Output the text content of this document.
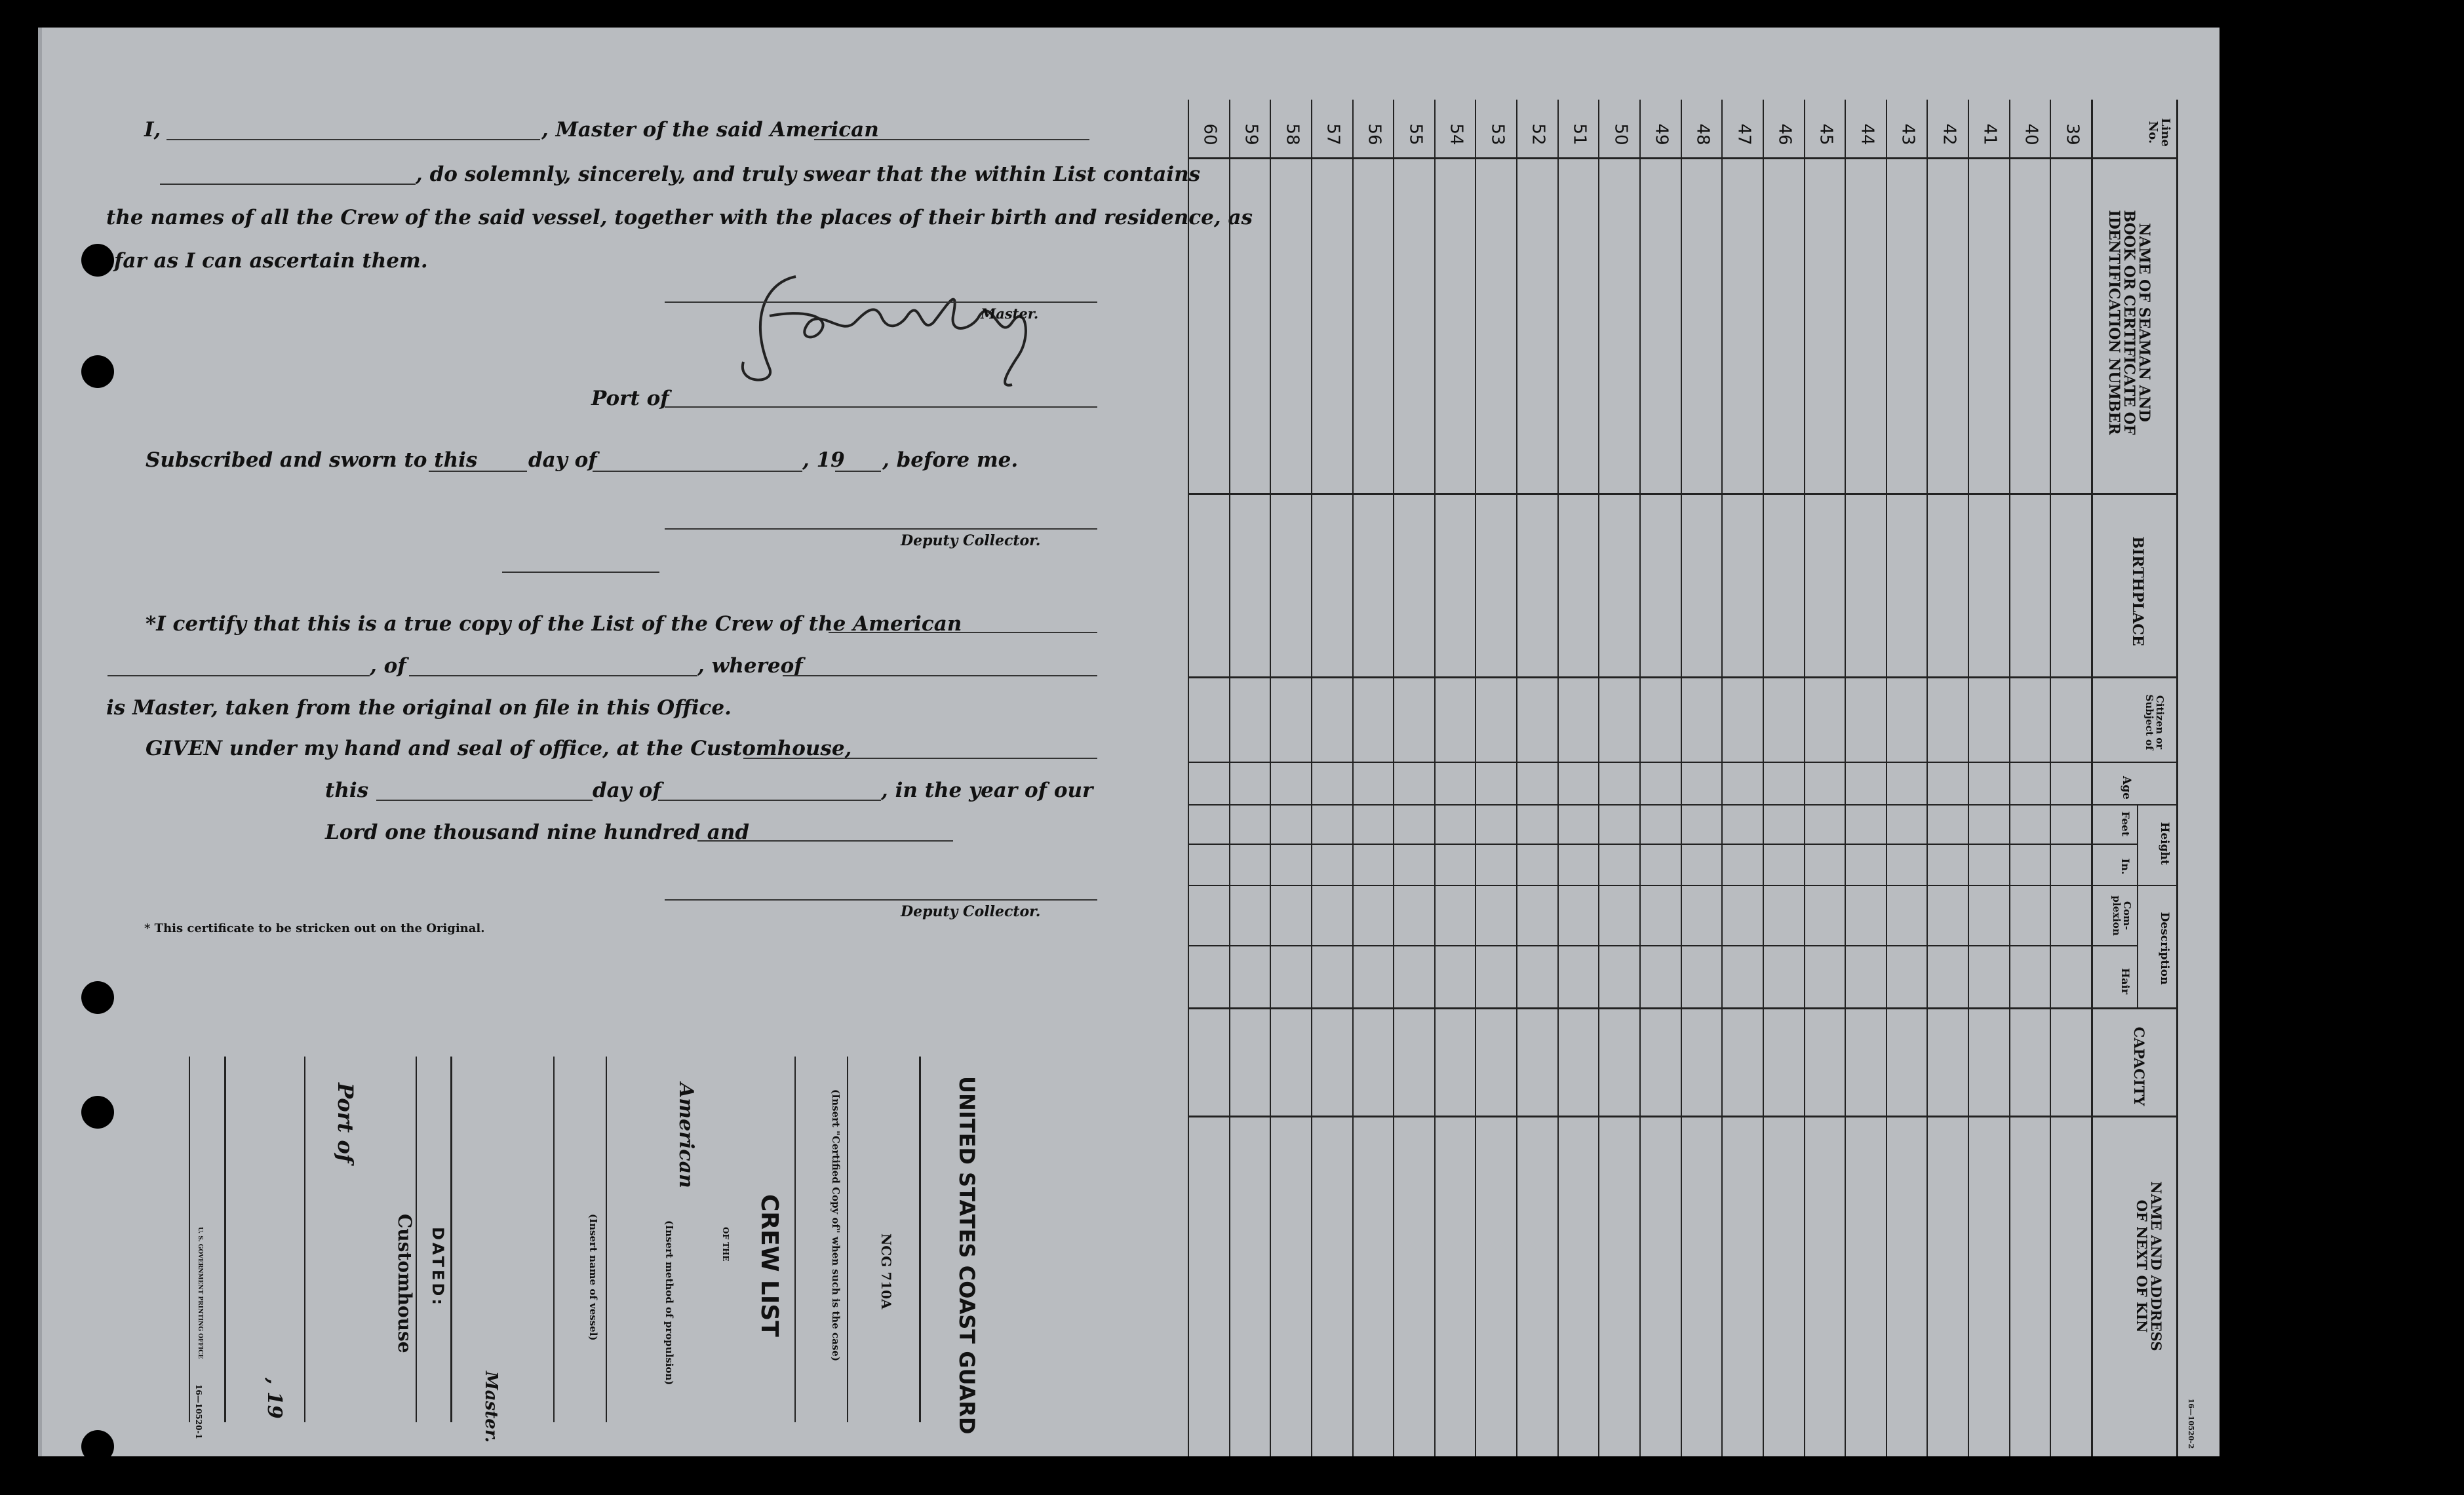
I,	, Master of the said American
, do solemnly, sincerely, and truly swear that the within List contains
the names of all the Crew of the said vessel, together with the places of their birth and residence, as
far as I can ascertain them.
Master.
Port of
Subscribed and sworn to this	day of	, 19 , before me.
Deputy Collector.
*I certify that this is a true copy of the List of the Crew of the American
, of	, whereof
is Master, taken from the original on file in this Office.
GIVEN under my hand and seal of office, at the Customhouse,
this	day of	, in the year of our
Lord one thousand nine hundred and
Deputy Collector.
* This certificate to be stricken out on the Original.
NCG 710A	UNITED STATES COAST GUARD
(Insert "Certified Copy of" when such is the case)
CREW LIST
OF THE
American
(Insert method of propulsion)
(Insert name of vessel)
Master.
DATED:
Customhouse
Port of
, 19
U. S. GOVERNMENT PRINTING OFFICE
16—10520-1
60 59 58 57 56 55 54 53 52 51 50 49 48 47 46 45 44 43 42 41 40 39	Line No.
NAME OF SEAMAN AND BOOK OR CERTIFICATE OF IDENTIFICATION NUMBER
BIRTHPLACE
Citizen or Subject of
Age
Height
Feet
In.
Description
Com- plexion
Hair
CAPACITY
NAME AND ADDRESS OF NEXT OF KIN
16—10520-2
